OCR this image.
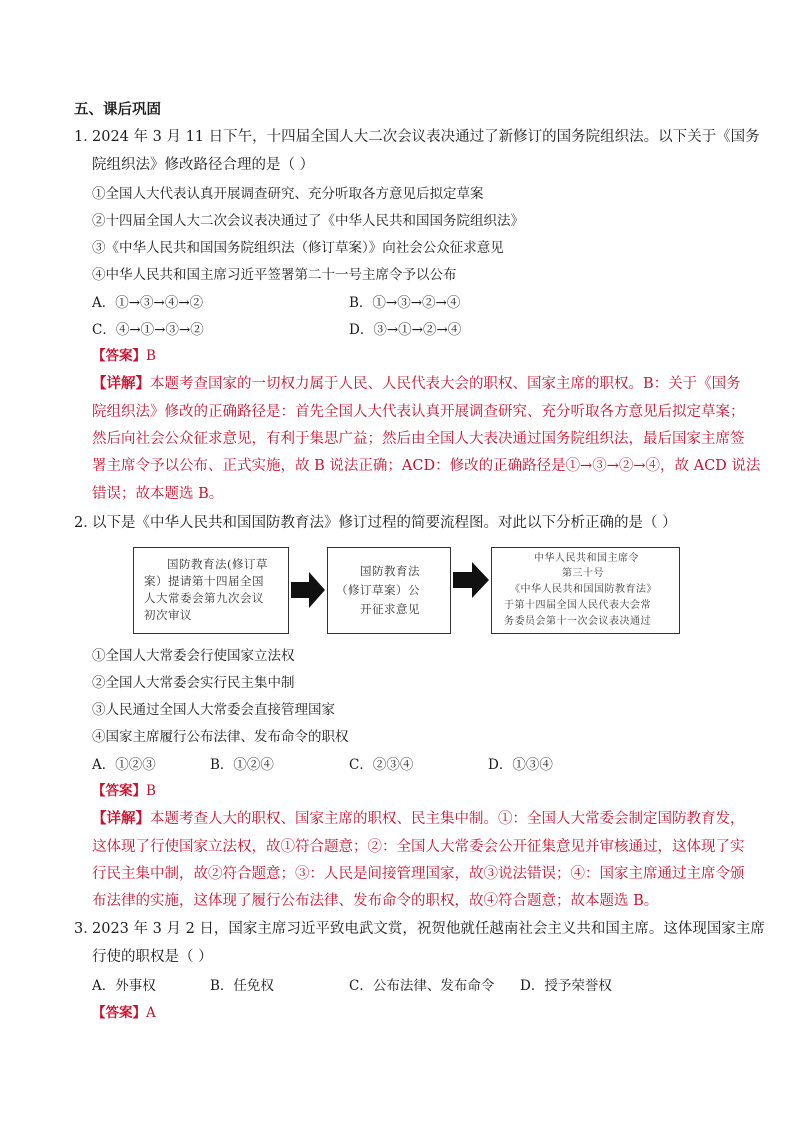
五、课后巩固
1．
2024 年 3 月 11 日下午，十四届全国人大二次会议表决通过了新修订的国务院组织法。以下关于《国务
院组织法》修改路径合理的是（ ）
①全国人大代表认真开展调查研究、充分听取各方意见后拟定草案
②十四届全国人大二次会议表决通过了《中华人民共和国国务院组织法》
③《中华人民共和国国务院组织法（修订草案）》向社会公众征求意见
④中华人民共和国主席习近平签署第二十一号主席令予以公布
A．①→③→④→②	B．①→③→②→④
C．④→①→③→②	D．③→①→②→④
【答案】B
【详解】本题考查国家的一切权力属于人民、人民代表大会的职权、国家主席的职权。B：关于《国务
院组织法》修改的正确路径是：首先全国人大代表认真开展调查研究、充分听取各方意见后拟定草案；
然后向社会公众征求意见，有利于集思广益；然后由全国人大表决通过国务院组织法，最后国家主席签
署主席令予以公布、正式实施，故 B 说法正确；ACD：修改的正确路径是①→③→②→④，故 ACD 说法
错误；故本题选 B。
2．
以下是《中华人民共和国国防教育法》修订过程的简要流程图。对此以下分析正确的是（ ）
国防教育法(修订草
案）提请第十四届全国
人大常委会第九次会议
初次审议
国防教育法
（修订草案）公
开征求意见
中华人民共和国主席令
第三十号
《中华人民共和国国防教育法》
于第十四届全国人民代表大会常
务委员会第十一次会议表决通过
①全国人大常委会行使国家立法权
②全国人大常委会实行民主集中制
③人民通过全国人大常委会直接管理国家
④国家主席履行公布法律、发布命令的职权
A．①②③	B．①②④	C．②③④	D．①③④
【答案】B
【详解】本题考查人大的职权、国家主席的职权、民主集中制。①：全国人大常委会制定国防教育发，
这体现了行使国家立法权，故①符合题意；②：全国人大常委会公开征集意见并审核通过，这体现了实
行民主集中制，故②符合题意；③：人民是间接管理国家，故③说法错误；④：国家主席通过主席令颁
布法律的实施，这体现了履行公布法律、发布命令的职权，故④符合题意；故本题选 B。
3．
2023 年 3 月 2 日，国家主席习近平致电武文赏，祝贺他就任越南社会主义共和国主席。这体现国家主席
行使的职权是（ ）
A．外事权	B．任免权	C．公布法律、发布命令 D．授予荣誉权
【答案】A
